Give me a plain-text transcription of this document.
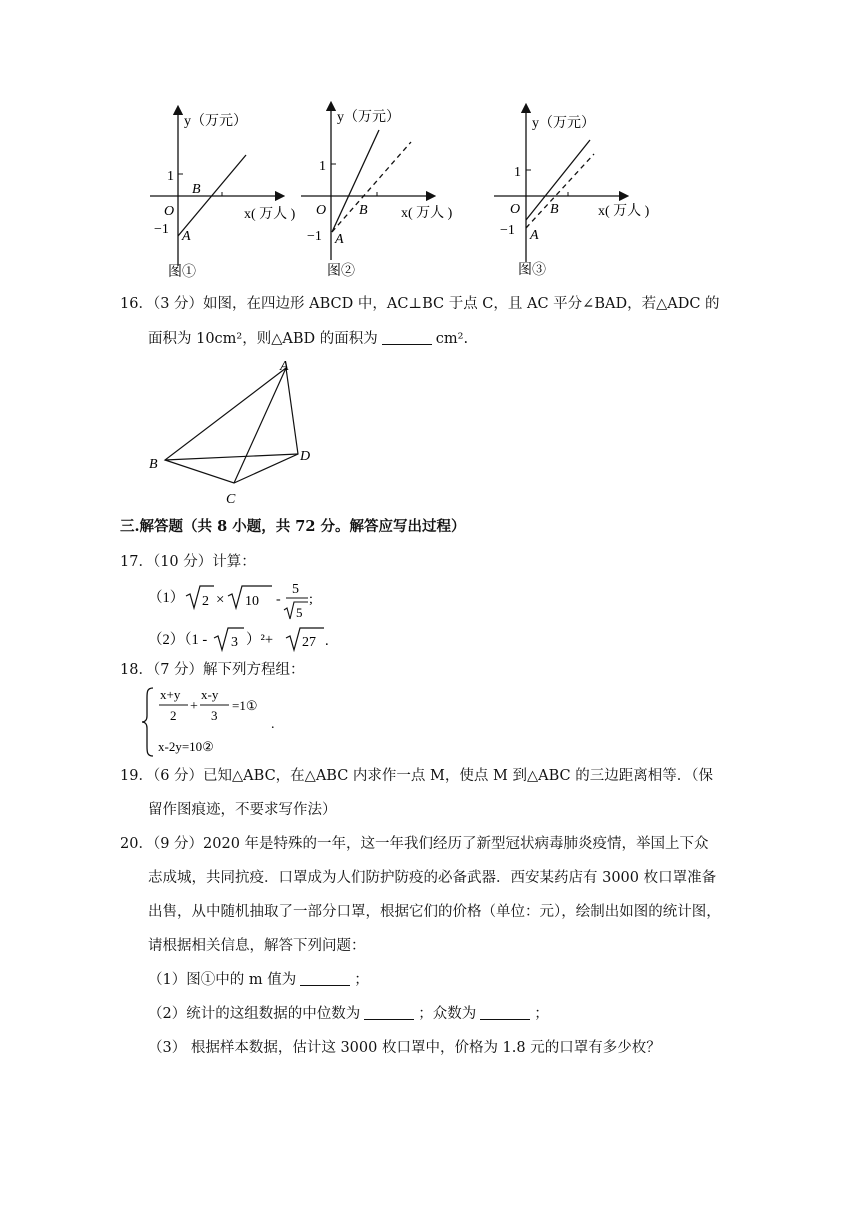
y（万元）
x( 万人 )
O
1
−1 A
B
图①
y（万元）
x( 万人 )
O
1
−1 A
B
图②
y（万元）
x( 万人 )
O
1
−1 A
B
图③
16．（3 分）如图，在四边形 ABCD 中，AC⊥BC 于点 C，且 AC 平分∠BAD，若△ADC 的
面积为 10cm²，则△ABD 的面积为	cm².
A
B
C
D
三.解答题（共 8 小题，共 72 分。解答应写出过程）
17．（10 分）计算：
（1） 2 × 10 -
5
5
;
（2）（1 - 3 ）²+ 27 .
18．（7 分）解下列方程组：
x+y
2
+
x-y
3
=1①
x-2y=10②
.
19．（6 分）已知△ABC，在△ABC 内求作一点 M，使点 M 到△ABC 的三边距离相等．（保
留作图痕迹，不要求写作法）
20．（9 分）2020 年是特殊的一年，这一年我们经历了新型冠状病毒肺炎疫情，举国上下众
志成城，共同抗疫．口罩成为人们防护防疫的必备武器．西安某药店有 3000 枚口罩准备
出售，从中随机抽取了一部分口罩，根据它们的价格（单位：元），绘制出如图的统计图，
请根据相关信息，解答下列问题：
（1）图①中的 m 值为	；
（2）统计的这组数据的中位数为	；众数为	；
（3） 根据样本数据，估计这 3000 枚口罩中，价格为 1.8 元的口罩有多少枚？
